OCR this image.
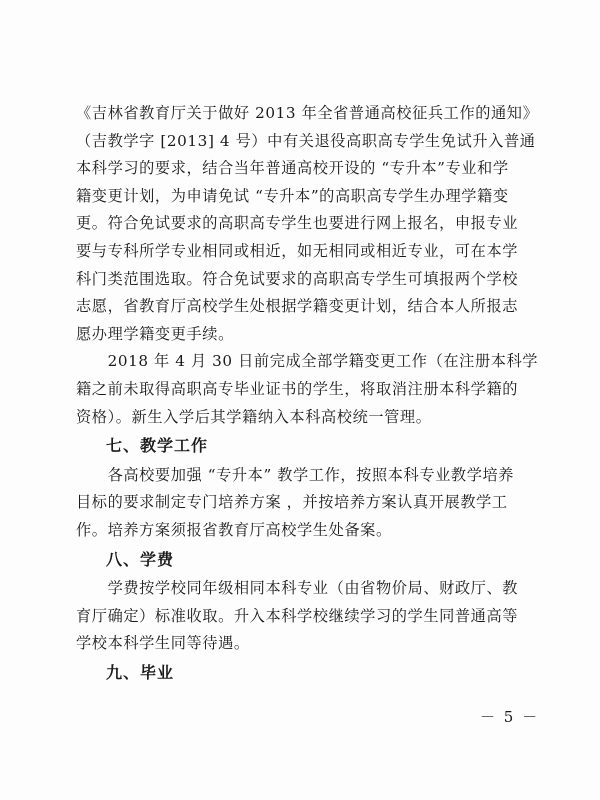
《吉林省教育厅关于做好 2013 年全省普通高校征兵工作的通知》
（吉教学字 [2013] 4 号）中有关退役高职高专学生免试升入普通
本科学习的要求，结合当年普通高校开设的 “专升本”专业和学
籍变更计划，为申请免试 “专升本”的高职高专学生办理学籍变
更。符合免试要求的高职高专学生也要进行网上报名，申报专业
要与专科所学专业相同或相近，如无相同或相近专业，可在本学
科门类范围选取。符合免试要求的高职高专学生可填报两个学校
志愿，省教育厅高校学生处根据学籍变更计划，结合本人所报志
愿办理学籍变更手续。

　　2018 年 4 月 30 日前完成全部学籍变更工作（在注册本科学
籍之前未取得高职高专毕业证书的学生，将取消注册本科学籍的
资格）。新生入学后其学籍纳入本科高校统一管理。

七、教学工作

　　各高校要加强 “专升本” 教学工作，按照本科专业教学培养
目标的要求制定专门培养方案 ，并按培养方案认真开展教学工
作。培养方案须报省教育厅高校学生处备案。

八、学费

　　学费按学校同年级相同本科专业（由省物价局、财政厅、教
育厅确定）标准收取。升入本科学校继续学习的学生同普通高等
学校本科学生同等待遇。

九、毕业
－ 5 －
